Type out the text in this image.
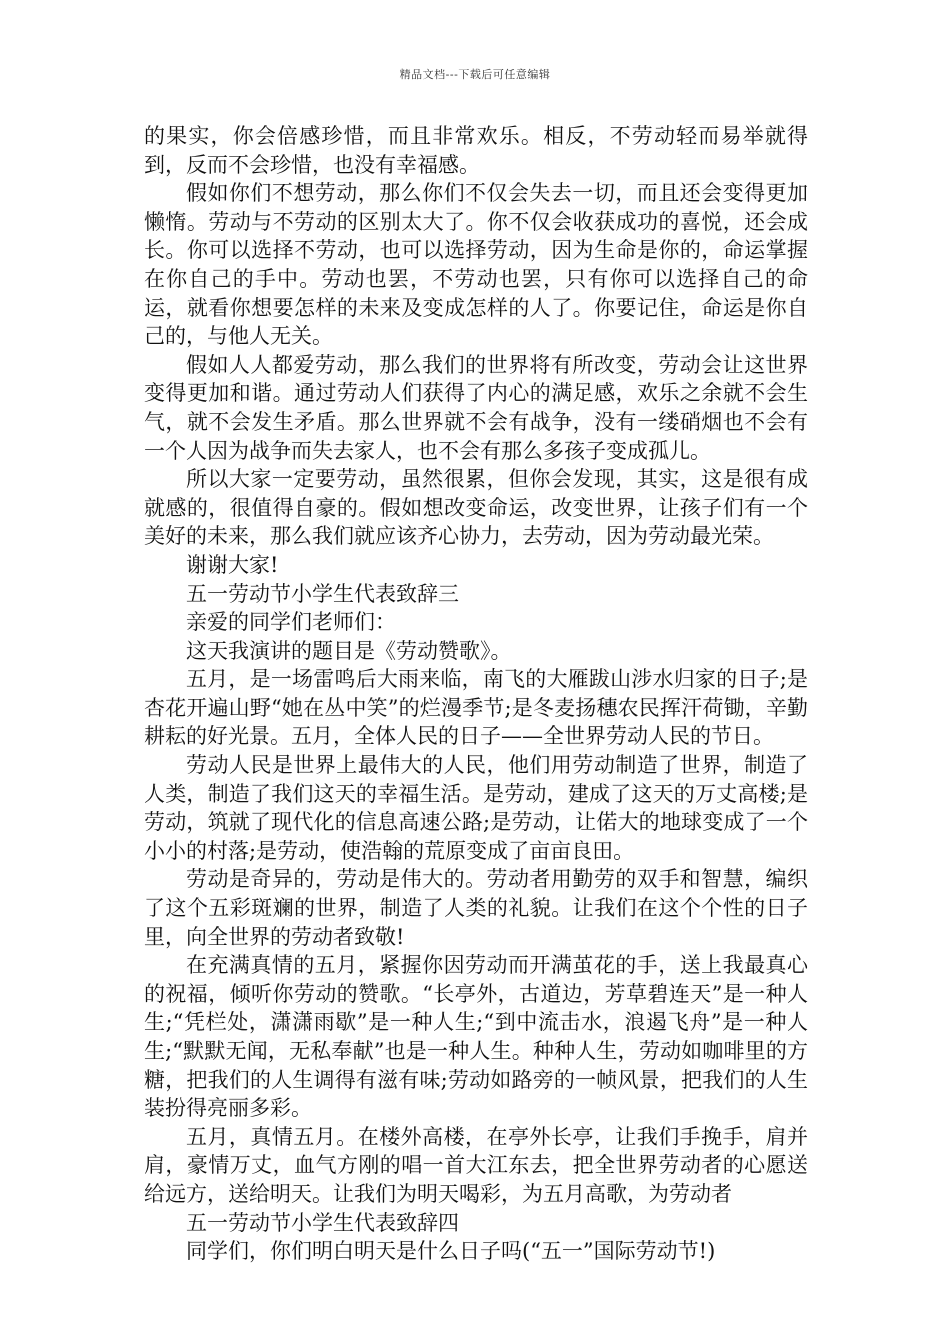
精品文档---下载后可任意编辑

的果实，你会倍感珍惜，而且非常欢乐。相反，不劳动轻而易举就得到，反而不会珍惜，也没有幸福感。

假如你们不想劳动，那么你们不仅会失去一切，而且还会变得更加懒惰。劳动与不劳动的区别太大了。你不仅会收获成功的喜悦，还会成长。你可以选择不劳动，也可以选择劳动，因为生命是你的，命运掌握在你自己的手中。劳动也罢，不劳动也罢，只有你可以选择自己的命运，就看你想要怎样的未来及变成怎样的人了。你要记住，命运是你自己的，与他人无关。

假如人人都爱劳动，那么我们的世界将有所改变，劳动会让这世界变得更加和谐。通过劳动人们获得了内心的满足感，欢乐之余就不会生气，就不会发生矛盾。那么世界就不会有战争，没有一缕硝烟也不会有一个人因为战争而失去家人，也不会有那么多孩子变成孤儿。

所以大家一定要劳动，虽然很累，但你会发现，其实，这是很有成就感的，很值得自豪的。假如想改变命运，改变世界，让孩子们有一个美好的未来，那么我们就应该齐心协力，去劳动，因为劳动最光荣。

谢谢大家!

五一劳动节小学生代表致辞三

亲爱的同学们老师们：

这天我演讲的题目是《劳动赞歌》。

五月，是一场雷鸣后大雨来临，南飞的大雁跋山涉水归家的日子;是杏花开遍山野“她在丛中笑”的烂漫季节;是冬麦扬穗农民挥汗荷锄，辛勤耕耘的好光景。五月，全体人民的日子——全世界劳动人民的节日。

劳动人民是世界上最伟大的人民，他们用劳动制造了世界，制造了人类，制造了我们这天的幸福生活。是劳动，建成了这天的万丈高楼;是劳动，筑就了现代化的信息高速公路;是劳动，让偌大的地球变成了一个小小的村落;是劳动，使浩翰的荒原变成了亩亩良田。

劳动是奇异的，劳动是伟大的。劳动者用勤劳的双手和智慧，编织了这个五彩斑斓的世界，制造了人类的礼貌。让我们在这个个性的日子里，向全世界的劳动者致敬!

在充满真情的五月，紧握你因劳动而开满茧花的手，送上我最真心的祝福，倾听你劳动的赞歌。“长亭外，古道边，芳草碧连天”是一种人生;“凭栏处，潇潇雨歇”是一种人生;“到中流击水，浪遏飞舟”是一种人生;“默默无闻，无私奉献”也是一种人生。种种人生，劳动如咖啡里的方糖，把我们的人生调得有滋有味;劳动如路旁的一帧风景，把我们的人生装扮得亮丽多彩。

五月，真情五月。在楼外高楼，在亭外长亭，让我们手挽手，肩并肩，豪情万丈，血气方刚的唱一首大江东去，把全世界劳动者的心愿送给远方，送给明天。让我们为明天喝彩，为五月高歌，为劳动者

五一劳动节小学生代表致辞四

同学们，你们明白明天是什么日子吗(“五一”国际劳动节!)
